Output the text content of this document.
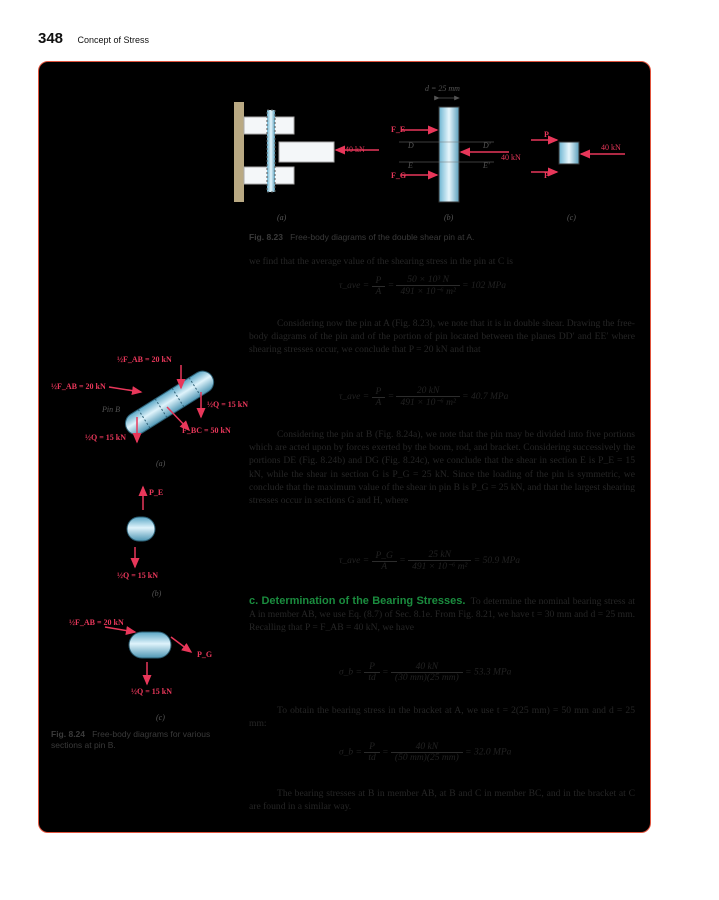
348 Concept of Stress
40 kN
(a)
d = 25 mm
F_E
F_G
40 kN
D	D'
E	E'
(b)
P
P
40 kN
(c)
½F_AB = 20 kN
½F_AB = 20 kN
½Q = 15 kN
½Q = 15 kN
F_BC = 50 kN
Pin B
(a)
P_E
½Q = 15 kN
(b)
½F_AB = 20 kN
P_G
½Q = 15 kN
(c)
Fig. 8.23 Free-body diagrams of the double shear pin at A.
Fig. 8.24 Free-body diagrams for various sections at pin B.

we find that the average value of the shearing stress in the pin at C is

τ_ave = $\frac{P}{A} = \frac{\text{50 × 10³ N}}{\text{491 × 10⁻⁶ m²}} = 102$ MPa

Considering now the pin at A (Fig. 8.23), we note that it is in double shear. Drawing the free-body diagrams of the pin and of the portion of pin located between the planes DD′ and EE′ where shearing stresses occur, we conclude that P = 20 kN and that

τ_ave = $\frac{P}{A} = \frac{20 kN}{\text{491 × 10⁻⁶ m²}} = 40.7$ MPa

Considering the pin at B (Fig. 8.24a), we note that the pin may be divided into five portions which are acted upon by forces exerted by the boom, rod, and bracket. Considering successively the portions DE (Fig. 8.24b) and DG (Fig. 8.24c), we conclude that the shear in section E is P_E = 15 kN, while the shear in section G is P_G = 25 kN. Since the loading of the pin is symmetric, we conclude that the maximum value of the shear in pin B is P_G = 25 kN, and that the largest shearing stresses occur in sections G and H, where

τ_ave = $\frac{P\_G}{A} = \frac{25 kN}{\text{491 × 10⁻⁶ m²}} = 50.9$ MPa

c. Determination of the Bearing Stresses. To determine the nominal bearing stress at A in member AB, we use Eq. (8.7) of Sec. 8.1e. From Fig. 8.21, we have t = 30 mm and d = 25 mm. Recalling that P = F_AB = 40 kN, we have

σ_b = $\frac{P}{td} = \frac{40 kN}{(30 mm)(25 mm)} = 53.3$ MPa

To obtain the bearing stress in the bracket at A, we use t = 2(25 mm) = 50 mm and d = 25 mm:

σ_b = $\frac{P}{td} = \frac{40 kN}{(50 mm)(25 mm)} = 32.0$ MPa

The bearing stresses at B in member AB, at B and C in member BC, and in the bracket at C are found in a similar way.
